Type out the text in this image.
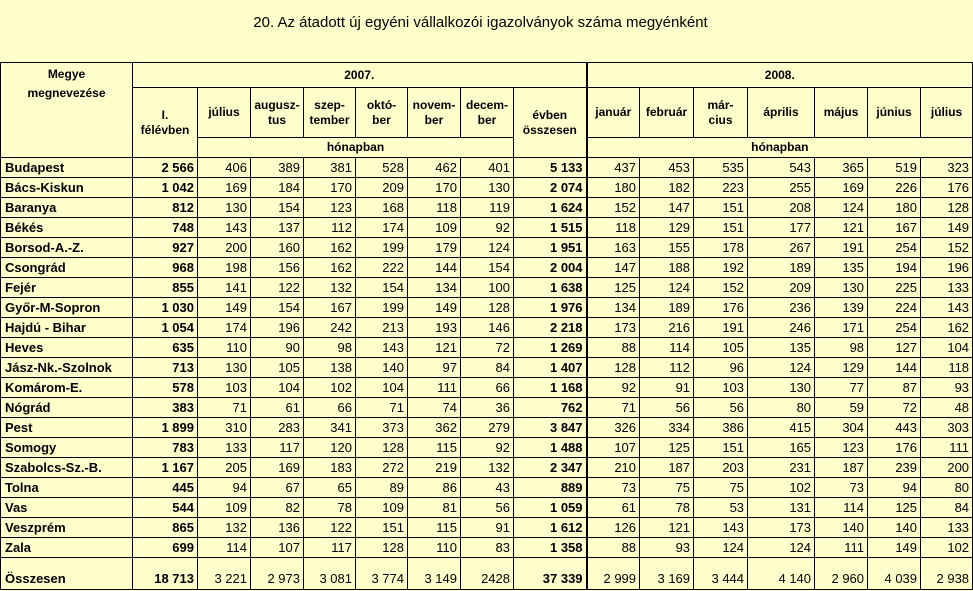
20. Az átadott új egyéni vállalkozói igazolványok száma megyénként
Megye
megnevezése	2007.								2008.						
	I. félévben	július	augusz-tus	szep-tember	októ-ber	novem-ber	decem-ber	évben összesen	január	február	már-cius	április	május	június	július
		hónapban							hónapban						
Budapest	2 566	406	389	381	528	462	401	5 133	437	453	535	543	365	519	323
Bács-Kiskun	1 042	169	184	170	209	170	130	2 074	180	182	223	255	169	226	176
Baranya	812	130	154	123	168	118	119	1 624	152	147	151	208	124	180	128
Békés	748	143	137	112	174	109	92	1 515	118	129	151	177	121	167	149
Borsod-A.-Z.	927	200	160	162	199	179	124	1 951	163	155	178	267	191	254	152
Csongrád	968	198	156	162	222	144	154	2 004	147	188	192	189	135	194	196
Fejér	855	141	122	132	154	134	100	1 638	125	124	152	209	130	225	133
Győr-M-Sopron	1 030	149	154	167	199	149	128	1 976	134	189	176	236	139	224	143
Hajdú - Bihar	1 054	174	196	242	213	193	146	2 218	173	216	191	246	171	254	162
Heves	635	110	90	98	143	121	72	1 269	88	114	105	135	98	127	104
Jász-Nk.-Szolnok	713	130	105	138	140	97	84	1 407	128	112	96	124	129	144	118
Komárom-E.	578	103	104	102	104	111	66	1 168	92	91	103	130	77	87	93
Nógrád	383	71	61	66	71	74	36	762	71	56	56	80	59	72	48
Pest	1 899	310	283	341	373	362	279	3 847	326	334	386	415	304	443	303
Somogy	783	133	117	120	128	115	92	1 488	107	125	151	165	123	176	111
Szabolcs-Sz.-B.	1 167	205	169	183	272	219	132	2 347	210	187	203	231	187	239	200
Tolna	445	94	67	65	89	86	43	889	73	75	75	102	73	94	80
Vas	544	109	82	78	109	81	56	1 059	61	78	53	131	114	125	84
Veszprém	865	132	136	122	151	115	91	1 612	126	121	143	173	140	140	133
Zala	699	114	107	117	128	110	83	1 358	88	93	124	124	111	149	102
Összesen	18 713	3 221	2 973	3 081	3 774	3 149	2428	37 339	2 999	3 169	3 444	4 140	2 960	4 039	2 938
